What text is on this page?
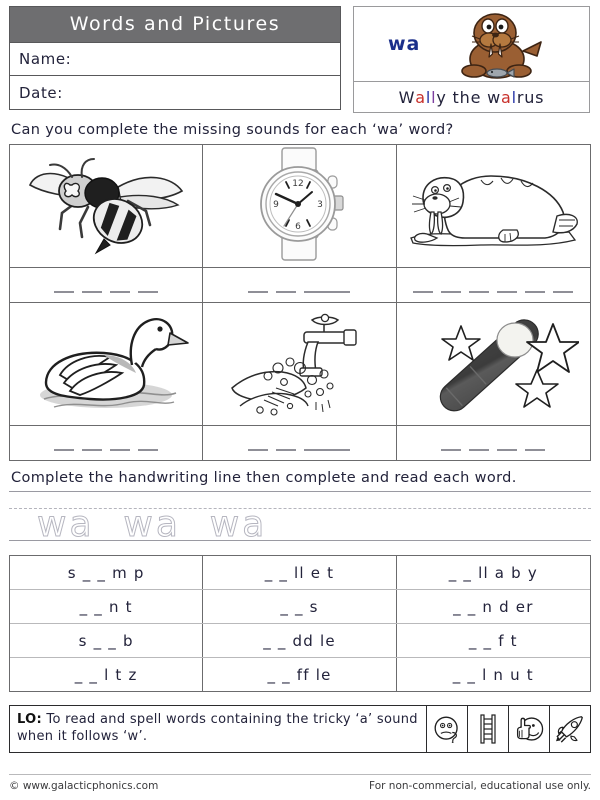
Words and Pictures
Name:
Date:
wa
W a l l y the w a l rus
Can you complete the missing sounds for each ‘wa’ word?
12
3
6
9
Complete the handwriting line then complete and read each word.
wa  wa  wa
s _ _ m p	_ _ ll e t	_ _ ll a b y
_ _ n t	_ _ s	_ _ n d er
s _ _ b	_ _ dd le	_ _ f t
_ _ l t z	_ _ ff le	_ _ l n u t
LO: To read and spell words containing the tricky ‘a’ sound when it follows ‘w’.
© www.galacticphonics.com	For non-commercial, educational use only.
